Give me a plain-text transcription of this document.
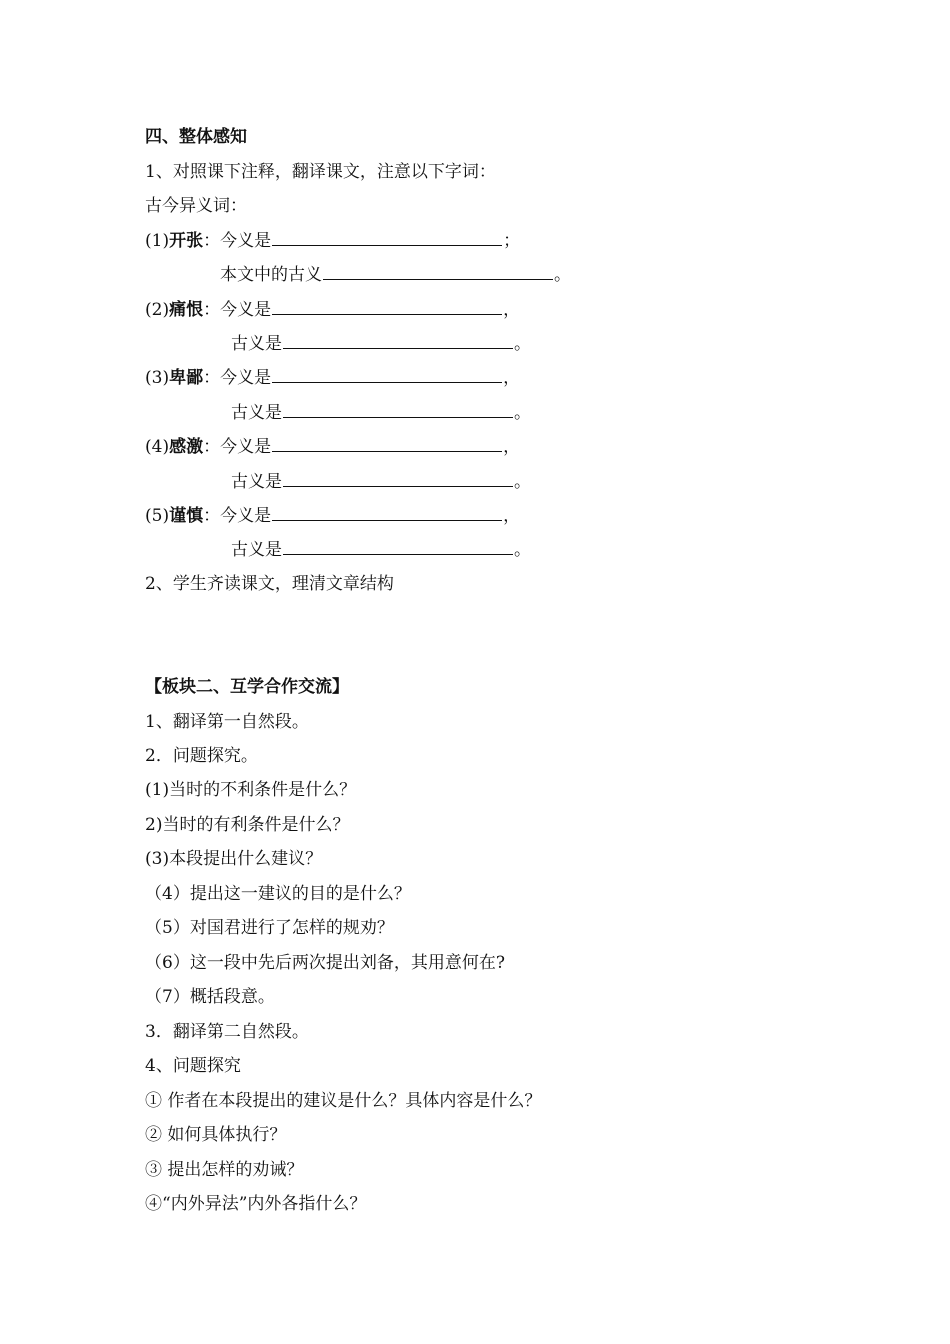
四、整体感知
1、对照课下注释，翻译课文，注意以下字词：
古今异义词：
(1)开张：今义是	；
本文中的古义	。
(2)痛恨：今义是	，
古义是	。
(3)卑鄙：今义是	，
古义是	。
(4)感激：今义是	，
古义是	。
(5)谨慎：今义是	，
古义是	。
2、学生齐读课文，理清文章结构
【板块二、互学合作交流】
1、翻译第一自然段。
2．问题探究。
(1)当时的不利条件是什么？
2)当时的有利条件是什么？
(3)本段提出什么建议？
（4）提出这一建议的目的是什么？
（5）对国君进行了怎样的规劝？
（6）这一段中先后两次提出刘备，其用意何在?
（7）概括段意。
3．翻译第二自然段。
4、问题探究
① 作者在本段提出的建议是什么？具体内容是什么？
② 如何具体执行？
③ 提出怎样的劝诫？
④“内外异法”内外各指什么？
